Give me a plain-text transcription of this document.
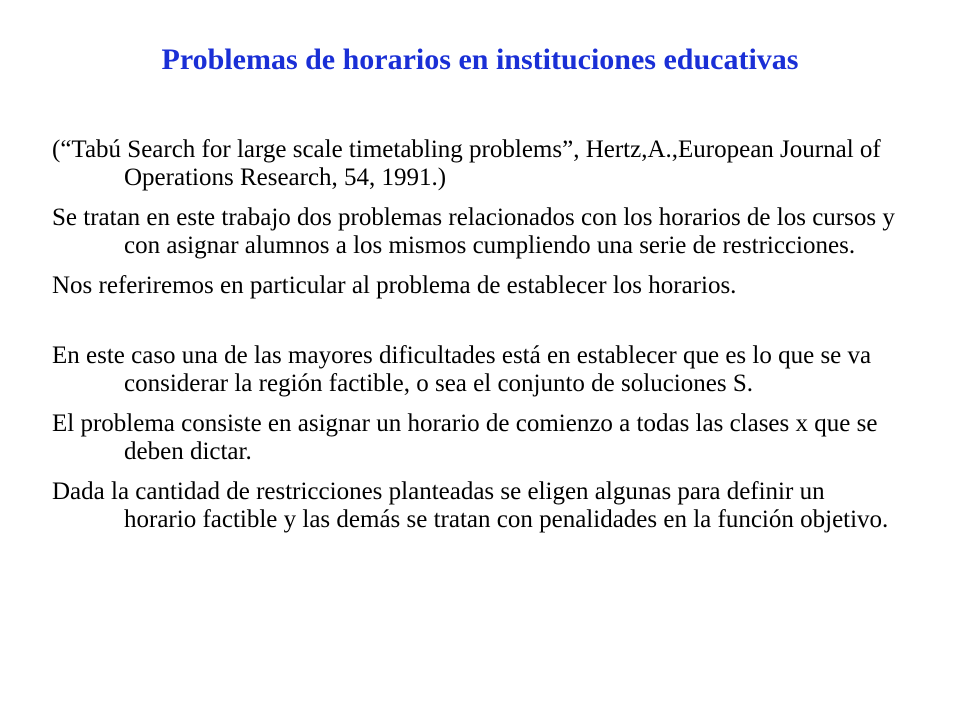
Problemas de horarios en instituciones educativas

(“Tabú Search for large scale timetabling problems”, Hertz,A.,European Journal of Operations Research, 54, 1991.)

Se tratan en este trabajo dos problemas relacionados con los horarios de los cursos y con asignar alumnos a los mismos cumpliendo una serie de restricciones.

Nos referiremos en particular al problema de establecer los horarios.

En este caso una de las mayores dificultades está en establecer que es lo que se va considerar la región factible, o sea el conjunto de soluciones S.

El problema consiste en asignar un horario de comienzo a todas las clases x que se deben dictar.

Dada la cantidad de restricciones planteadas se eligen algunas para definir un horario factible y las demás se tratan con penalidades en la función objetivo.
